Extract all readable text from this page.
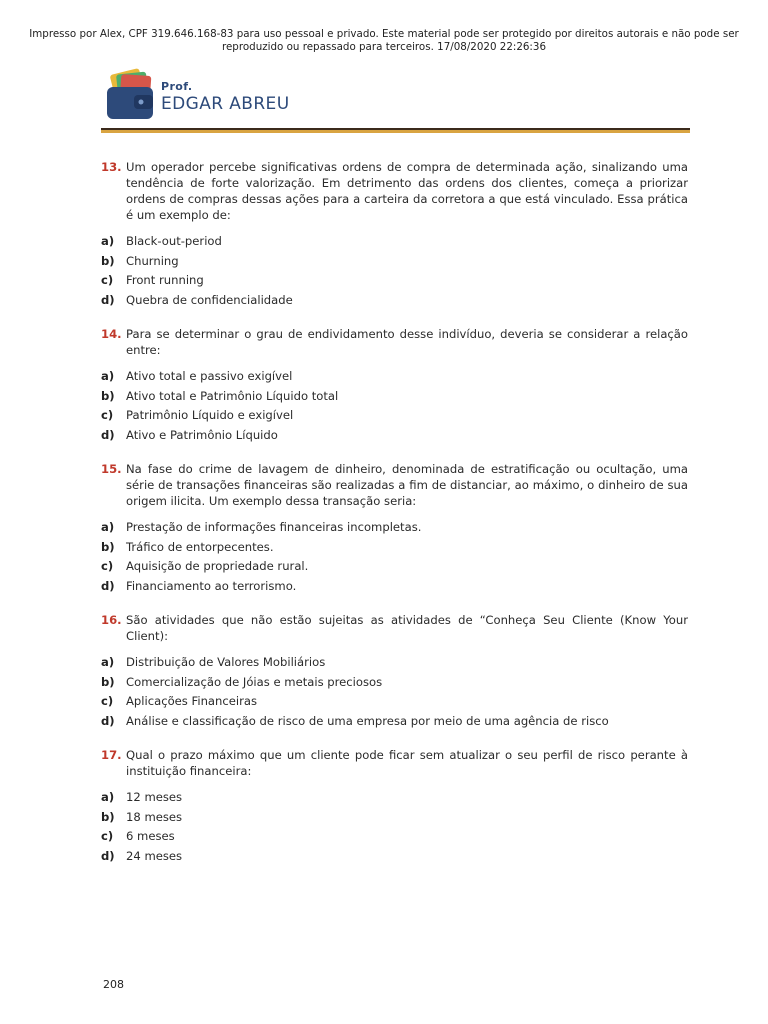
Impresso por Alex, CPF 319.646.168-83 para uso pessoal e privado. Este material pode ser protegido por direitos autorais e não pode ser reproduzido ou repassado para terceiros. 17/08/2020 22:26:36
Prof.
EDGAR ABREU
13. Um operador percebe significativas ordens de compra de determinada ação, sinalizando uma tendência de forte valorização. Em detrimento das ordens dos clientes, começa a priorizar ordens de compras dessas ações para a carteira da corretora a que está vinculado. Essa prática é um exemplo de:
a)	Black-out-period
b) Churning
c)	Front running
d) Quebra de confidencialidade
14. Para se determinar o grau de endividamento desse indivíduo, deveria se considerar a relação entre:
a)	Ativo total e passivo exigível
b) Ativo total e Patrimônio Líquido total
c)	Patrimônio Líquido e exigível
d) Ativo e Patrimônio Líquido
15. Na fase do crime de lavagem de dinheiro, denominada de estratificação ou ocultação, uma série de transações financeiras são realizadas a fim de distanciar, ao máximo, o dinheiro de sua origem ilicita. Um exemplo dessa transação seria:
a)	Prestação de informações financeiras incompletas.
b) Tráfico de entorpecentes.
c)	Aquisição de propriedade rural.
d) Financiamento ao terrorismo.
16. São atividades que não estão sujeitas as atividades de “Conheça Seu Cliente (Know Your Client):
a)	Distribuição de Valores Mobiliários
b) Comercialização de Jóias e metais preciosos
c)	Aplicações Financeiras
d) Análise e classificação de risco de uma empresa por meio de uma agência de risco
17. Qual o prazo máximo que um cliente pode ficar sem atualizar o seu perfil de risco perante à instituição financeira:
a)	12 meses
b) 18 meses
c)	6 meses
d) 24 meses
208
